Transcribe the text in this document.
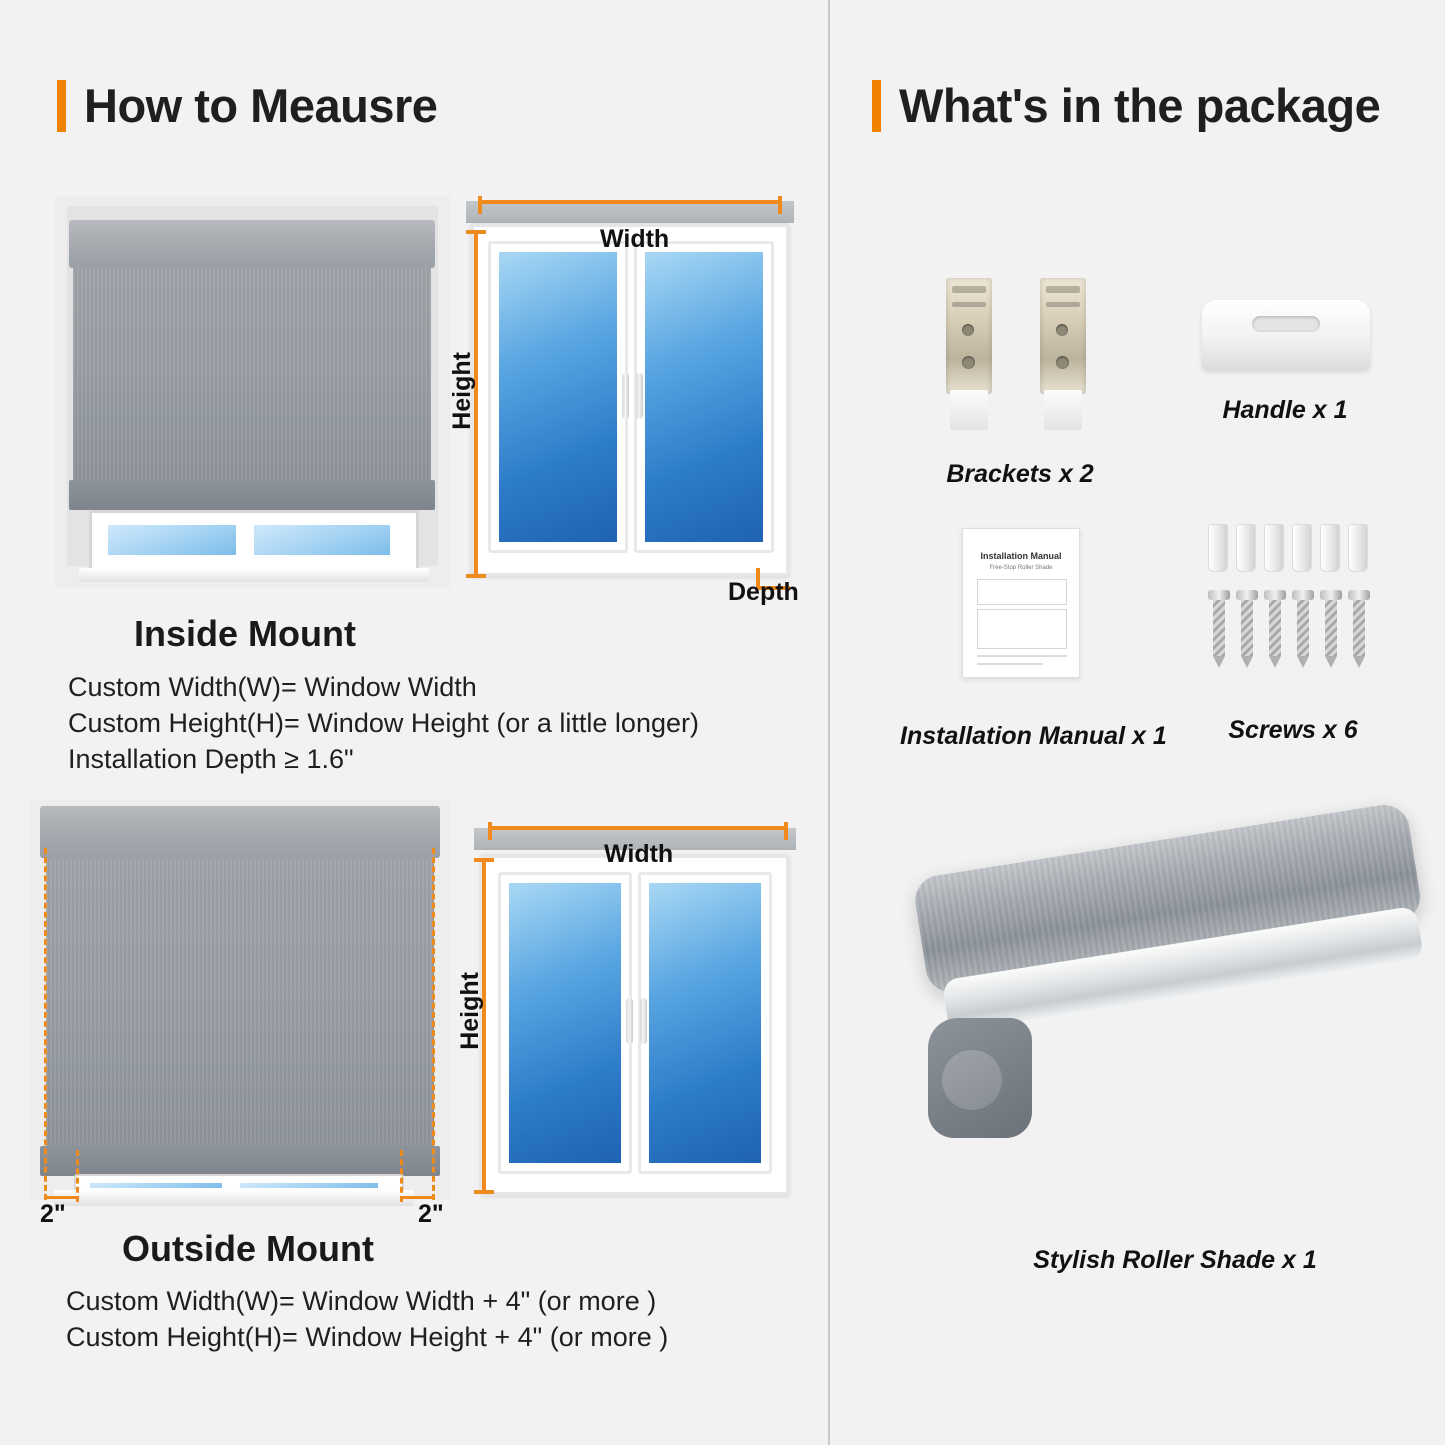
How to Meausre	What's in the package
Width
Height
Depth
Inside Mount
Custom Width(W)= Window Width
Custom Height(H)= Window Height (or a little longer)
Installation Depth ≥ 1.6"
2"	2"
Width
Height
Outside Mount
Custom Width(W)= Window Width + 4" (or more )
Custom Height(H)= Window Height + 4" (or more )
Brackets x 2
Handle x 1
Installation Manual
Free-Stop Roller Shade
Installation Manual x 1	Screws x 6
Stylish Roller Shade x 1
